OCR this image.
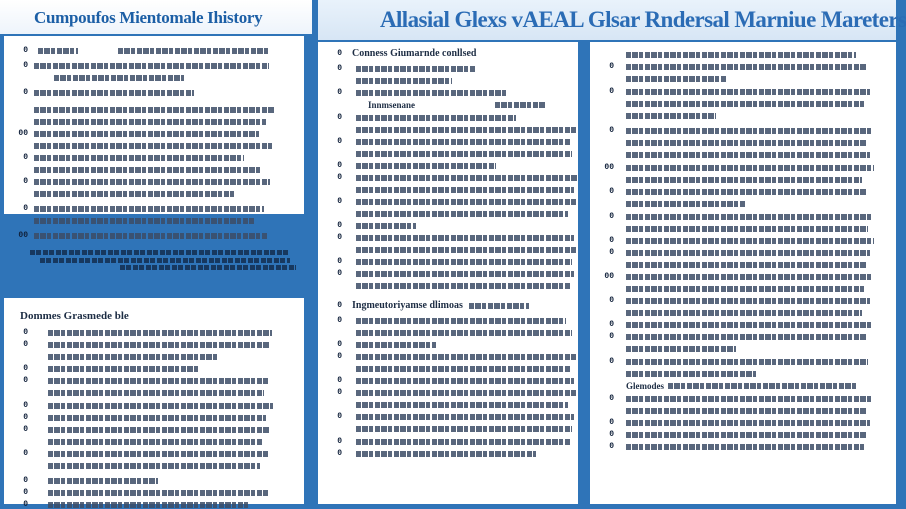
Cumpoufos Mientomale Ihistory	Allasial Glexs vAEAL Glsar Rndersal Marniue Mareters
0
0
0
00
0
0
0
00
Dommes Grasmede ble
0
0
0
0
0
0
0
0
0
0
0
0	Conness Giumarnde conllsed
0
0
Innmsenane
0
0
0
0
0
0
0
0
0
0	Ingmeutoriyamse dlimoas
0
0
0
0
0
0
0
0
0
0
0
00
0
0
0
0
00
0
0
0
0
Glemodes
0
0
0
0
